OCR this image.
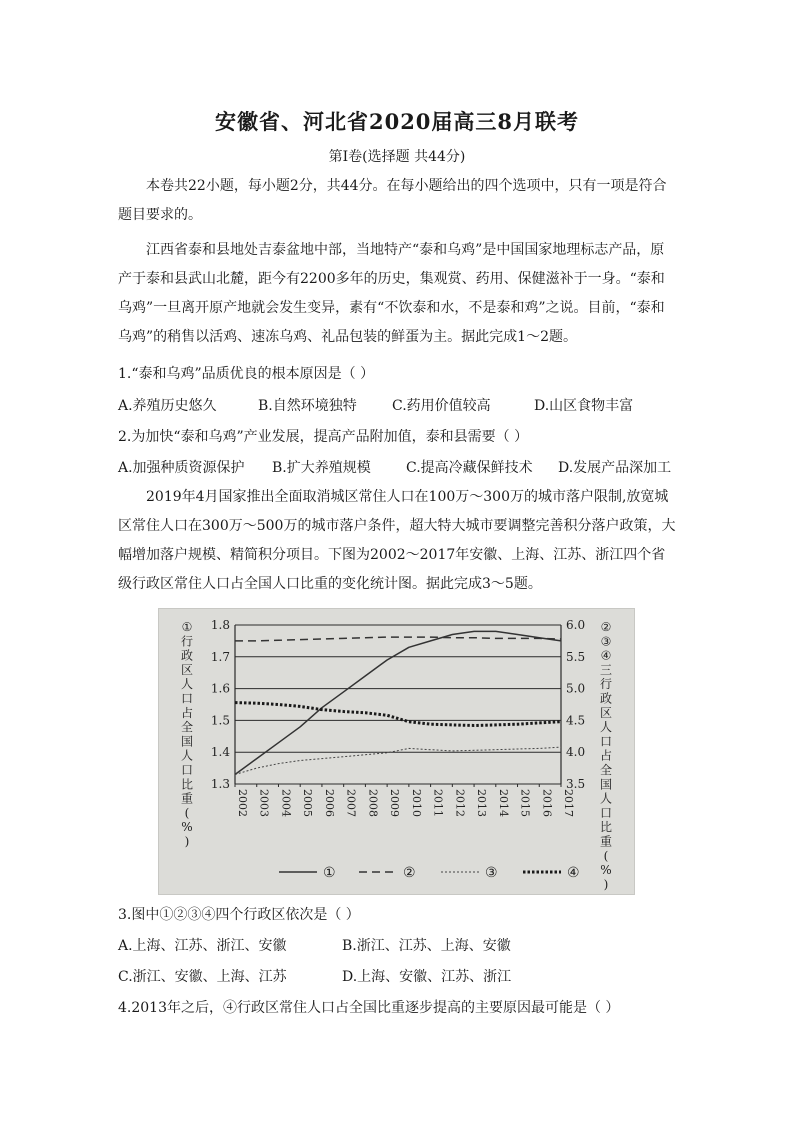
安徽省、河北省2020届高三8月联考
第Ⅰ卷(选择题 共44分)

本卷共22小题，每小题2分，共44分。在每小题给出的四个选项中，只有一项是符合题目要求的。

江西省泰和县地处吉泰盆地中部，当地特产“泰和乌鸡”是中国国家地理标志产品，原产于泰和县武山北麓，距今有2200多年的历史，集观赏、药用、保健滋补于一身。“泰和乌鸡”一旦离开原产地就会发生变异，素有“不饮泰和水，不是泰和鸡”之说。目前，“泰和乌鸡”的稍售以活鸡、速冻乌鸡、礼品包装的鲜蛋为主。据此完成1～2题。

1.“泰和乌鸡”品质优良的根本原因是（ ）
A.养殖历史悠久	B.自然环境独特	C.药用价值较高	D.山区食物丰富
2.为加快“泰和乌鸡”产业发展，提高产品附加值，泰和县需要（ ）
A.加强种质资源保护 B.扩大养殖规模	C.提高冷藏保鲜技术 D.发展产品深加工

2019年4月国家推出全面取消城区常住人口在100万～300万的城市落户限制,放宽城区常住人口在300万～500万的城市落户条件，超大特大城市要调整完善积分落户政策，大幅增加落户规模、精简积分项目。下图为2002～2017年安徽、上海、江苏、浙江四个省级行政区常住人口占全国人口比重的变化统计图。据此完成3～5题。

1.3
1.4
1.5
1.6
1.7
1.8
3.5
4.0
4.5
5.0
5.5
6.0
2002 2003 2004 2005 2006 2007 2008 2009 2010 2011 2012 2013 2014 2015 2016 2017
①
行
政
区
人
口
占
全
国
人
口
比
重
(
%
)
②
③
④
三
行
政
区
人
口
占
全
国
人
口
比
重
(
%
)
①	②	③	④
3.图中①②③④四个行政区依次是（ ）
A.上海、江苏、浙江、安徽	B.浙江、江苏、上海、安徽
C.浙江、安徽、上海、江苏	D.上海、安徽、江苏、浙江
4.2013年之后，④行政区常住人口占全国比重逐步提高的主要原因最可能是（ ）
